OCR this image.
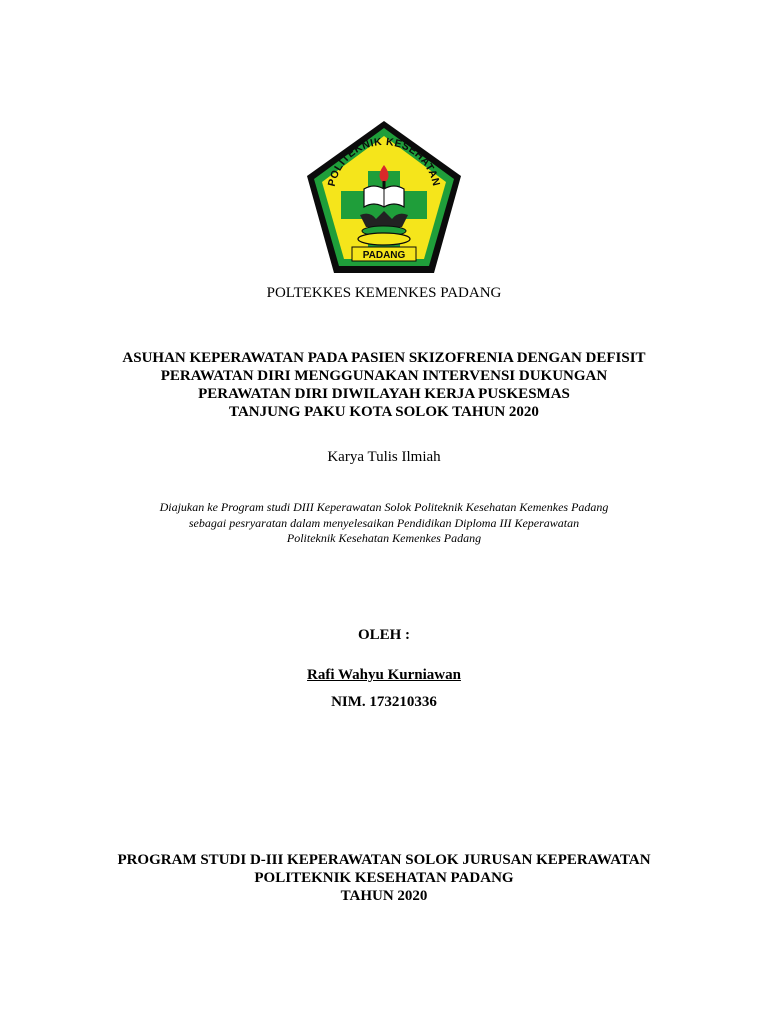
POLITEKNIK KESEHATAN
PADANG
POLTEKKES KEMENKES PADANG
ASUHAN KEPERAWATAN PADA PASIEN SKIZOFRENIA DENGAN DEFISIT
PERAWATAN DIRI MENGGUNAKAN INTERVENSI DUKUNGAN
PERAWATAN DIRI DIWILAYAH KERJA PUSKESMAS
TANJUNG PAKU KOTA SOLOK TAHUN 2020
Karya Tulis Ilmiah
Diajukan ke Program studi DIII Keperawatan Solok Politeknik Kesehatan Kemenkes Padang
sebagai pesryaratan dalam menyelesaikan Pendidikan Diploma III Keperawatan
Politeknik Kesehatan Kemenkes Padang
OLEH :
Rafi Wahyu Kurniawan
NIM. 173210336
PROGRAM STUDI D-III KEPERAWATAN SOLOK JURUSAN KEPERAWATAN
POLITEKNIK KESEHATAN PADANG
TAHUN 2020
